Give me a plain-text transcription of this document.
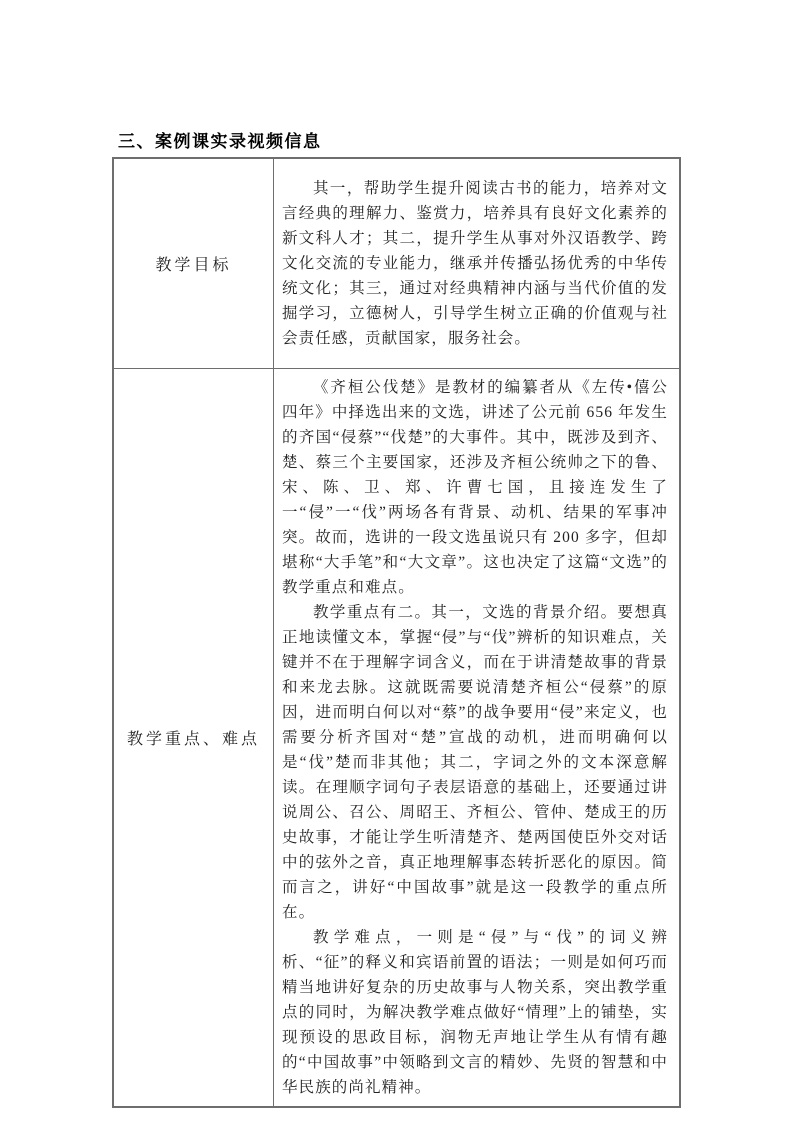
三、案例课实录视频信息
教学目标	其一，帮助学生提升阅读古书的能力，培养对文言经典的理解力、鉴赏力，培养具有良好文化素养的新文科人才；其二，提升学生从事对外汉语教学、跨文化交流的专业能力，继承并传播弘扬优秀的中华传统文化；其三，通过对经典精神内涵与当代价值的发掘学习，立德树人，引导学生树立正确的价值观与社会责任感，贡献国家，服务社会。

教学重点、难点	《齐桓公伐楚》是教材的编纂者从《左传•僖公四年》中择选出来的文选，讲述了公元前 656 年发生的齐国“侵蔡”“伐楚”的大事件。其中，既涉及到齐、楚、蔡三个主要国家，还涉及齐桓公统帅之下的鲁、宋、陈、卫、郑、许曹七国，且接连发生了一“侵”一“伐”两场各有背景、动机、结果的军事冲突。故而，选讲的一段文选虽说只有 200 多字，但却堪称“大手笔”和“大文章”。这也决定了这篇“文选”的教学重点和难点。

教学重点有二。其一，文选的背景介绍。要想真正地读懂文本，掌握“侵”与“伐”辨析的知识难点，关键并不在于理解字词含义，而在于讲清楚故事的背景和来龙去脉。这就既需要说清楚齐桓公“侵蔡”的原因，进而明白何以对“蔡”的战争要用“侵”来定义，也需要分析齐国对“楚”宣战的动机，进而明确何以是“伐”楚而非其他；其二，字词之外的文本深意解读。在理顺字词句子表层语意的基础上，还要通过讲说周公、召公、周昭王、齐桓公、管仲、楚成王的历史故事，才能让学生听清楚齐、楚两国使臣外交对话中的弦外之音，真正地理解事态转折恶化的原因。简而言之，讲好“中国故事”就是这一段教学的重点所在。

教学难点，一则是“侵”与“伐”的词义辨析、“征”的释义和宾语前置的语法；一则是如何巧而精当地讲好复杂的历史故事与人物关系，突出教学重点的同时，为解决教学难点做好“情理”上的铺垫，实现预设的思政目标，润物无声地让学生从有情有趣的“中国故事”中领略到文言的精妙、先贤的智慧和中华民族的尚礼精神。
